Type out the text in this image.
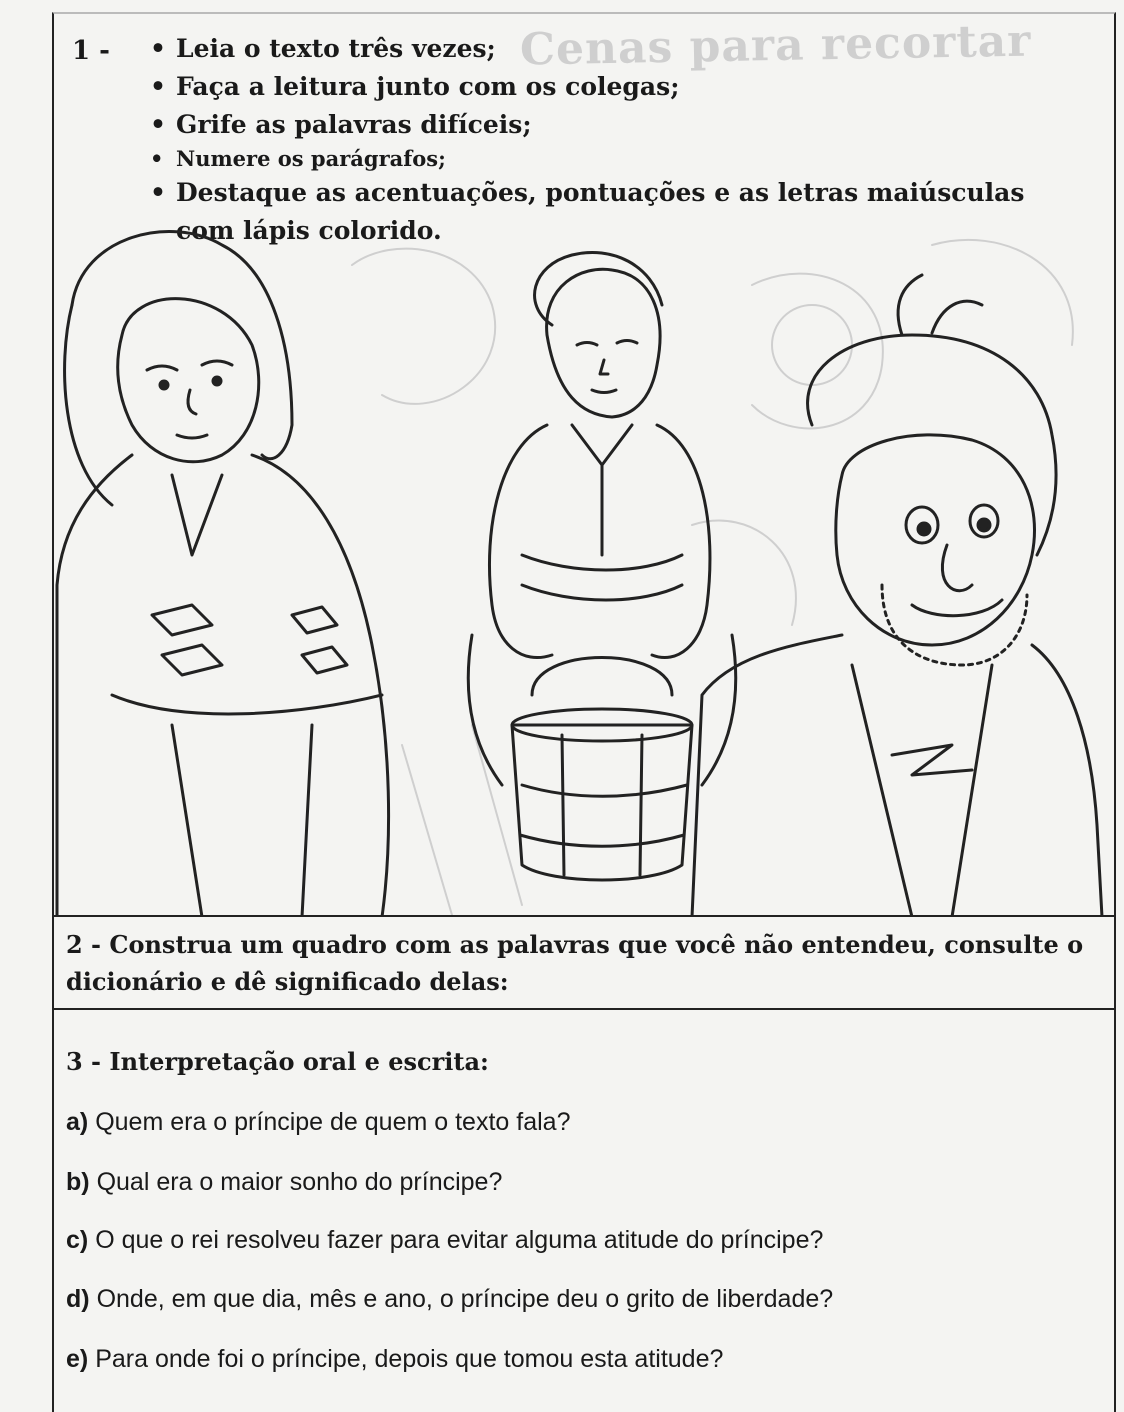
Cenas para recortar
1 -
•	Leia o texto três vezes;
• Faça a leitura junto com os colegas;
• Grife as palavras difíceis;
• Numere os parágrafos;
• Destaque as acentuações, pontuações e as letras maiúsculas com lápis colorido.

2 - Construa um quadro com as palavras que você não entendeu, consulte o dicionário e dê significado delas:

3 - Interpretação oral e escrita:

a) Quem era o príncipe de quem o texto fala?

b) Qual era o maior sonho do príncipe?

c) O que o rei resolveu fazer para evitar alguma atitude do príncipe?

d) Onde, em que dia, mês e ano, o príncipe deu o grito de liberdade?

e) Para onde foi o príncipe, depois que tomou esta atitude?
